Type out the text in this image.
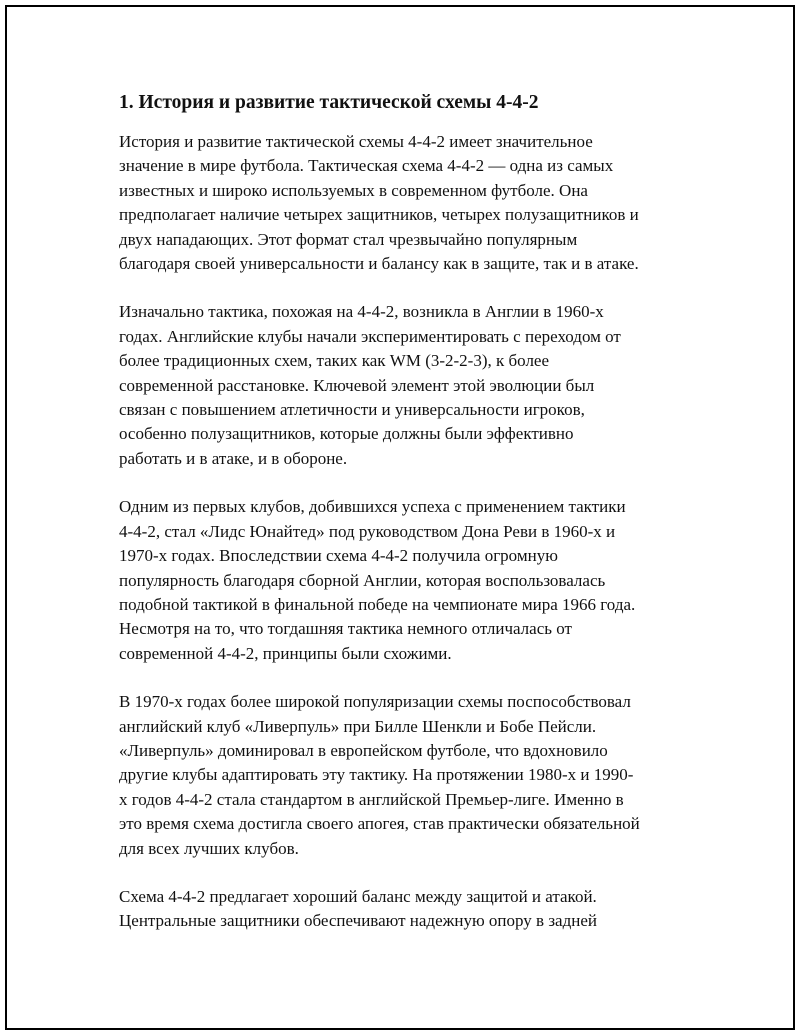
1. История и развитие тактической схемы 4-4-2
История и развитие тактической схемы 4-4-2 имеет значительное
значение в мире футбола. Тактическая схема 4-4-2 — одна из самых
известных и широко используемых в современном футболе. Она
предполагает наличие четырех защитников, четырех полузащитников и
двух нападающих. Этот формат стал чрезвычайно популярным
благодаря своей универсальности и балансу как в защите, так и в атаке.
Изначально тактика, похожая на 4-4-2, возникла в Англии в 1960-х
годах. Английские клубы начали экспериментировать с переходом от
более традиционных схем, таких как WM (3-2-2-3), к более
современной расстановке. Ключевой элемент этой эволюции был
связан с повышением атлетичности и универсальности игроков,
особенно полузащитников, которые должны были эффективно
работать и в атаке, и в обороне.
Одним из первых клубов, добившихся успеха с применением тактики
4-4-2, стал «Лидс Юнайтед» под руководством Дона Реви в 1960-х и
1970-х годах. Впоследствии схема 4-4-2 получила огромную
популярность благодаря сборной Англии, которая воспользовалась
подобной тактикой в финальной победе на чемпионате мира 1966 года.
Несмотря на то, что тогдашняя тактика немного отличалась от
современной 4-4-2, принципы были схожими.
В 1970-х годах более широкой популяризации схемы поспособствовал
английский клуб «Ливерпуль» при Билле Шенкли и Бобе Пейсли.
«Ливерпуль» доминировал в европейском футболе, что вдохновило
другие клубы адаптировать эту тактику. На протяжении 1980-х и 1990-
х годов 4-4-2 стала стандартом в английской Премьер-лиге. Именно в
это время схема достигла своего апогея, став практически обязательной
для всех лучших клубов.
Схема 4-4-2 предлагает хороший баланс между защитой и атакой.
Центральные защитники обеспечивают надежную опору в задней
